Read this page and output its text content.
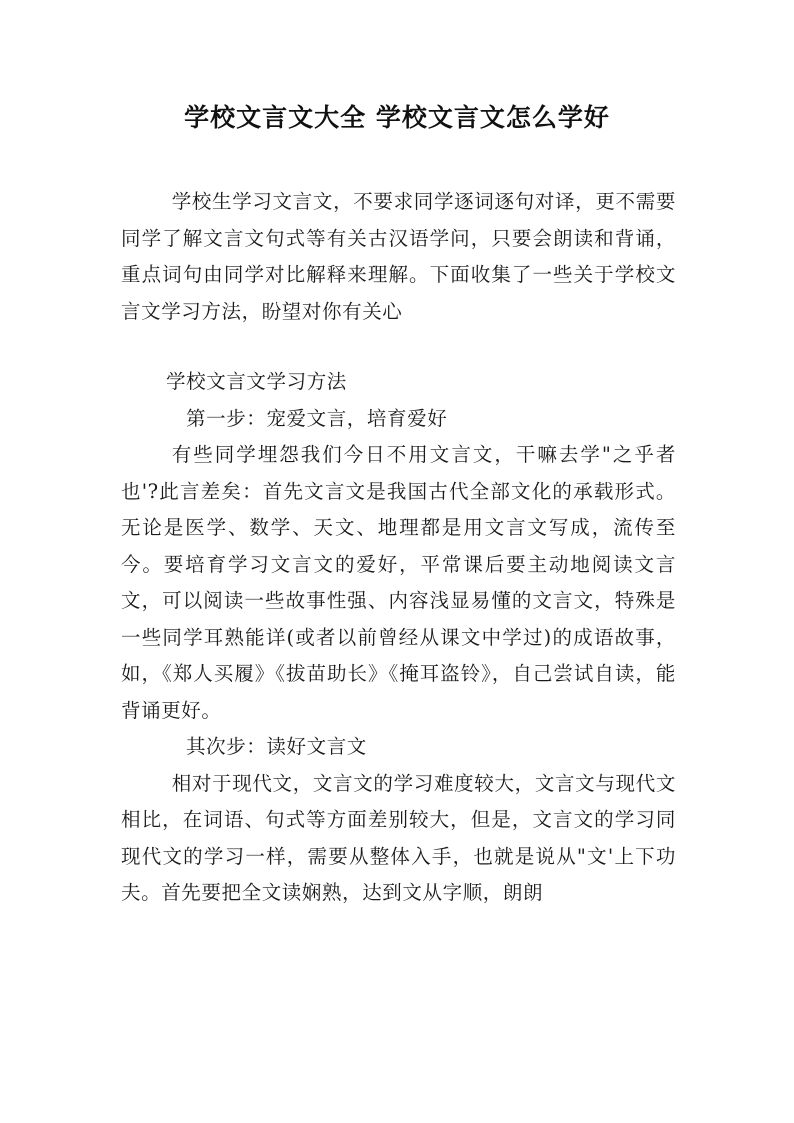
学校文言文大全 学校文言文怎么学好

学校生学习文言文，不要求同学逐词逐句对译，更不需要同学了解文言文句式等有关古汉语学问，只要会朗读和背诵，重点词句由同学对比解释来理解。下面收集了一些关于学校文言文学习方法，盼望对你有关心

学校文言文学习方法

第一步：宠爱文言，培育爱好

有些同学埋怨我们今日不用文言文，干嘛去学"之乎者也'?此言差矣：首先文言文是我国古代全部文化的承载形式。无论是医学、数学、天文、地理都是用文言文写成，流传至今。要培育学习文言文的爱好，平常课后要主动地阅读文言文，可以阅读一些故事性强、内容浅显易懂的文言文，特殊是一些同学耳熟能详(或者以前曾经从课文中学过)的成语故事，如，《郑人买履》《拔苗助长》《掩耳盗铃》，自己尝试自读，能背诵更好。

其次步：读好文言文

相对于现代文，文言文的学习难度较大，文言文与现代文相比，在词语、句式等方面差别较大，但是，文言文的学习同现代文的学习一样，需要从整体入手，也就是说从"文'上下功夫。首先要把全文读娴熟，达到文从字顺，朗朗
